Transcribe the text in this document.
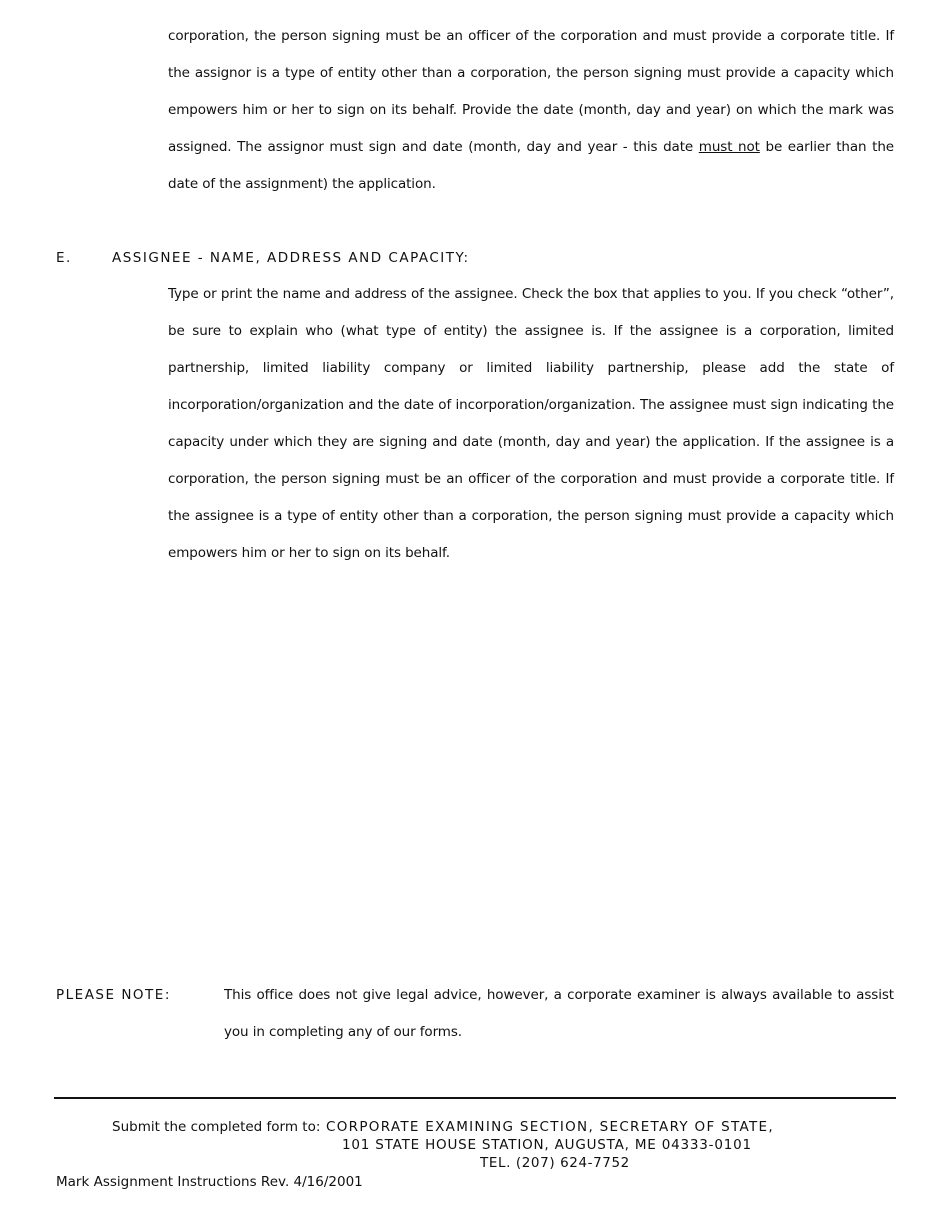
corporation, the person signing must be an officer of the corporation and must provide a corporate title. If the assignor is a type of entity other than a corporation, the person signing must provide a capacity which empowers him or her to sign on its behalf. Provide the date (month, day and year) on which the mark was assigned. The assignor must sign and date (month, day and year - this date must not be earlier than the date of the assignment) the application.
E.	ASSIGNEE - NAME, ADDRESS AND CAPACITY:
Type or print the name and address of the assignee. Check the box that applies to you. If you check “other”, be sure to explain who (what type of entity) the assignee is. If the assignee is a corporation, limited partnership, limited liability company or limited liability partnership, please add the state of incorporation/organization and the date of incorporation/organization. The assignee must sign indicating the capacity under which they are signing and date (month, day and year) the application. If the assignee is a corporation, the person signing must be an officer of the corporation and must provide a corporate title. If the assignee is a type of entity other than a corporation, the person signing must provide a capacity which empowers him or her to sign on its behalf.
PLEASE NOTE:	This office does not give legal advice, however, a corporate examiner is always available to assist you in completing any of our forms.
Submit the completed form to: CORPORATE EXAMINING SECTION, SECRETARY OF STATE,
101 STATE HOUSE STATION, AUGUSTA, ME 04333-0101
TEL. (207) 624-7752
Mark Assignment Instructions Rev. 4/16/2001
